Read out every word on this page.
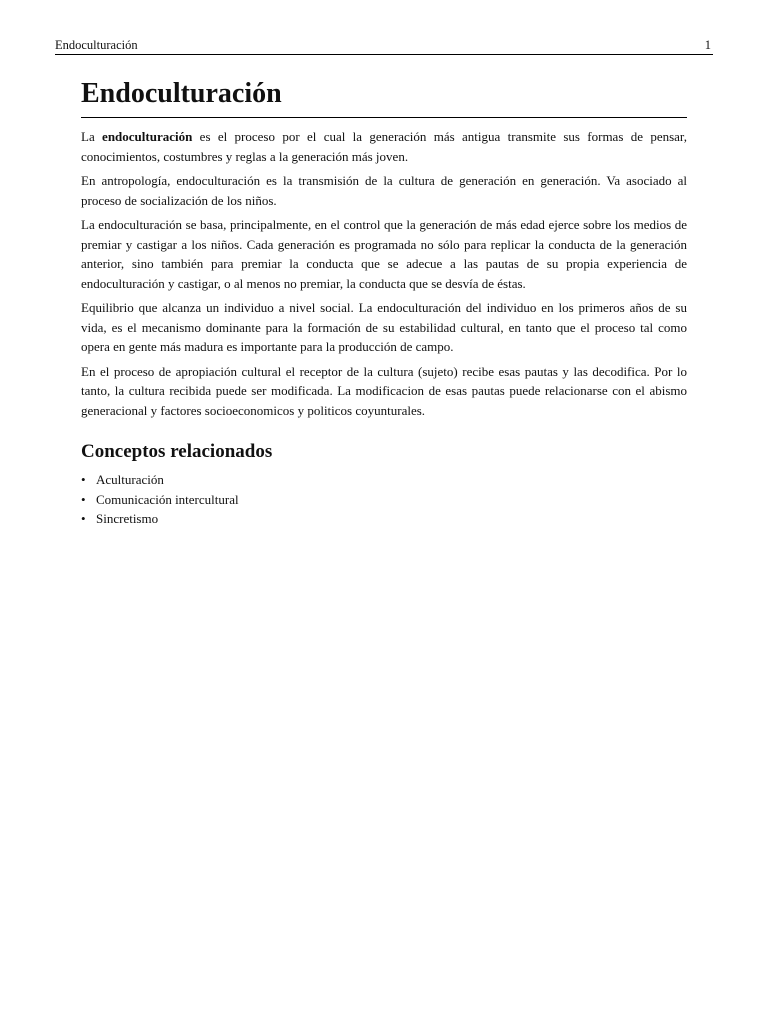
Endoculturación	1
Endoculturación

La endoculturación es el proceso por el cual la generación más antigua transmite sus formas de pensar, conocimientos, costumbres y reglas a la generación más joven.

En antropología, endoculturación es la transmisión de la cultura de generación en generación. Va asociado al proceso de socialización de los niños.

La endoculturación se basa, principalmente, en el control que la generación de más edad ejerce sobre los medios de premiar y castigar a los niños. Cada generación es programada no sólo para replicar la conducta de la generación anterior, sino también para premiar la conducta que se adecue a las pautas de su propia experiencia de endoculturación y castigar, o al menos no premiar, la conducta que se desvía de éstas.

Equilibrio que alcanza un individuo a nivel social. La endoculturación del individuo en los primeros años de su vida, es el mecanismo dominante para la formación de su estabilidad cultural, en tanto que el proceso tal como opera en gente más madura es importante para la producción de campo.

En el proceso de apropiación cultural el receptor de la cultura (sujeto) recibe esas pautas y las decodifica. Por lo tanto, la cultura recibida puede ser modificada. La modificacion de esas pautas puede relacionarse con el abismo generacional y factores socioeconomicos y politicos coyunturales.

Conceptos relacionados
• Aculturación
• Comunicación intercultural
• Sincretismo
